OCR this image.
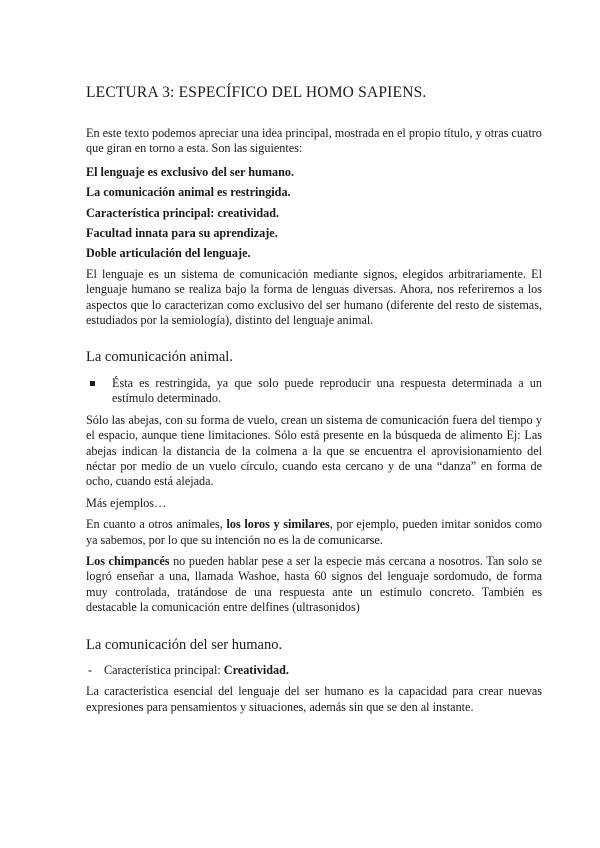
LECTURA 3: ESPECÍFICO DEL HOMO SAPIENS.

En este texto podemos apreciar una idea principal, mostrada en el propio título, y otras cuatro que giran en torno a esta. Son las siguientes:

El lenguaje es exclusivo del ser humano.

La comunicación animal es restringida.

Característica principal: creatividad.

Facultad innata para su aprendizaje.

Doble articulación del lenguaje.

El lenguaje es un sistema de comunicación mediante signos, elegidos arbitrariamente. El lenguaje humano se realiza bajo la forma de lenguas diversas. Ahora, nos referiremos a los aspectos que lo caracterizan como exclusivo del ser humano (diferente del resto de sistemas, estudiados por la semiología), distinto del lenguaje animal.

La comunicación animal.
Ésta es restringida, ya que solo puede reproducir una respuesta determinada a un estímulo determinado.

Sólo las abejas, con su forma de vuelo, crean un sistema de comunicación fuera del tiempo y el espacio, aunque tiene limitaciones. Sólo está presente en la búsqueda de alimento Ej: Las abejas indican la distancia de la colmena a la que se encuentra el aprovisionamiento del néctar por medio de un vuelo círculo, cuando esta cercano y de una “danza” en forma de ocho, cuando está alejada.

Más ejemplos…

En cuanto a otros animales, los loros y similares, por ejemplo, pueden imitar sonidos como ya sabemos, por lo que su intención no es la de comunicarse.

Los chimpancés no pueden hablar pese a ser la especie más cercana a nosotros. Tan solo se logró enseñar a una, llamada Washoe, hasta 60 signos del lenguaje sordomudo, de forma muy controlada, tratándose de una respuesta ante un estímulo concreto. También es destacable la comunicación entre delfines (ultrasonidos)

La comunicación del ser humano.
- Característica principal: Creatividad.

La característica esencial del lenguaje del ser humano es la capacidad para crear nuevas expresiones para pensamientos y situaciones, además sin que se den al instante.
